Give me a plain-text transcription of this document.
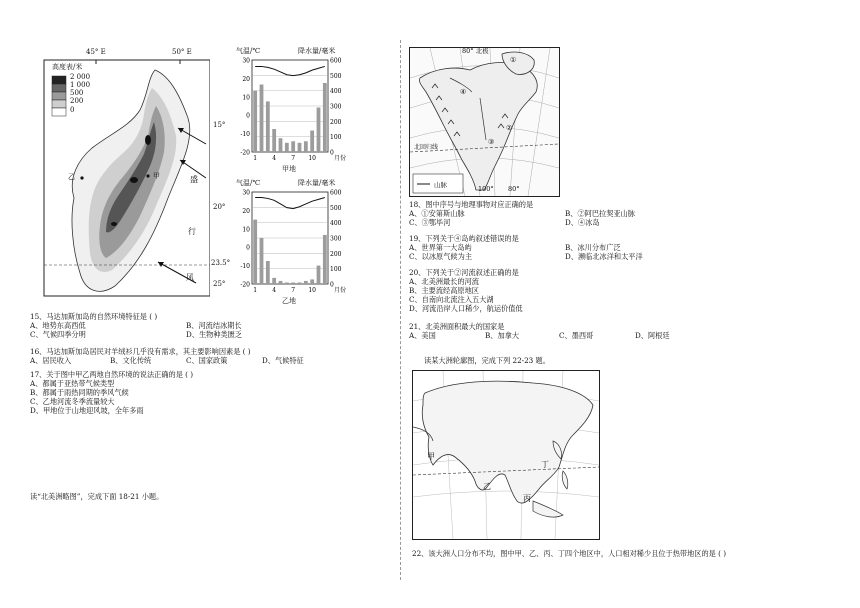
45° E	50° E
高度表/米
2 000
1 000
500
200
0
15°
20°
23.5°
25°
甲
乙	盛
行
风
气温/℃	降水量/毫米
30
20
10
0
-10
-20
600
500
400
300
200
100
0
1	4	7 10	月份
甲地
气温/℃	降水量/毫米
30
20
10
0
-10
-20
600
500
400
300
200
100
0
1	4	7 10	月份
乙地
15、马达加斯加岛的自然环境特征是 ( )
A、地势东高西低	B、河流结冰期长
C、气候四季分明	D、生物种类匮乏
16、马达加斯加岛居民对羊绒衫几乎没有需求，其主要影响因素是 ( )
A、居民收入	B、文化传统	C、国家政策	D、气候特征
17、关于图中甲乙两地自然环境的说法正确的是 ( )
A、都属于亚热带气候类型
B、都属于雨热同期的季风气候
C、乙地河流冬季流量较大
D、甲地位于山地迎风坡，全年多雨
读“北美洲略图”，完成下面 18-21 小题。
80° 北极
100° 80°
①
②
③
④
北回归线
山脉
18、图中序号与地理事物对应正确的是
A、①安第斯山脉	B、②阿巴拉契亚山脉
C、③鄂毕河	D、④冰岛
19、下列关于④岛屿叙述错误的是
A、世界第一大岛屿	B、冰川分布广泛
C、以冰原气候为主	D、濒临北冰洋和太平洋
20、下列关于②河流叙述正确的是
A、北美洲最长的河流
B、主要流经高原地区
C、自南向北流注入五大湖
D、河流沿岸人口稀少，航运价值低
21、北美洲面积最大的国家是
A、美国	B、加拿大	C、墨西哥	D、阿根廷
读某大洲轮廓图，完成下列 22-23 题。
甲
乙
丙
丁
22、该大洲人口分布不均，图中甲、乙、丙、丁四个地区中，人口相对稀少且位于热带地区的是 ( )
